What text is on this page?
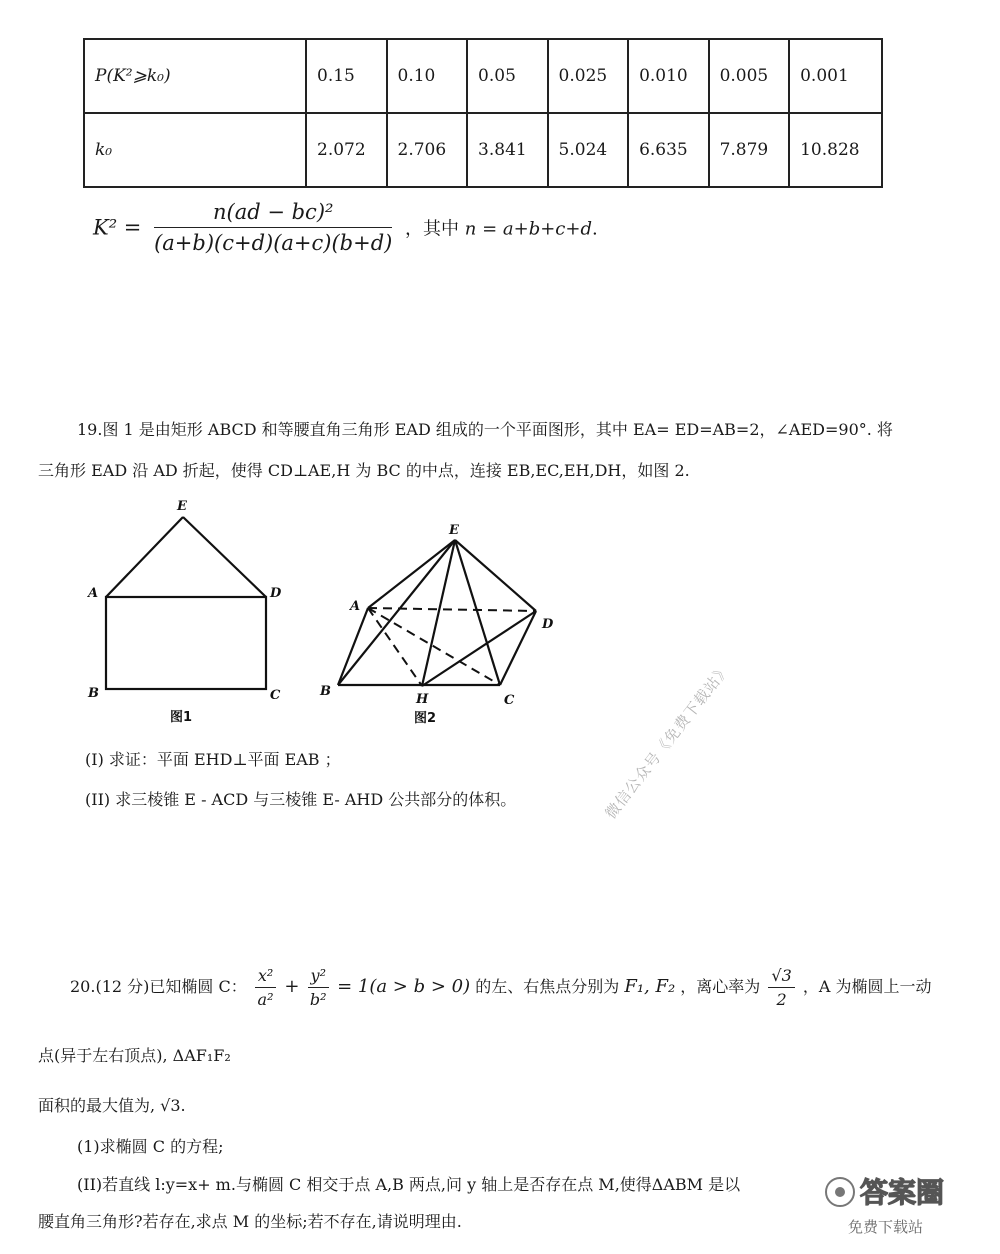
P(K²⩾k₀)	0.15	0.10	0.05	0.025	0.010	0.005	0.001
k₀	2.072	2.706	3.841	5.024	6.635	7.879	10.828
$K^2 = \frac{\text{n(ad − bc)²}}{(a+b)(c+d)(a+c)(b+d)}$ ，其中 n = a+b+c+d.
19.图 1 是由矩形 ABCD 和等腰直角三角形 EAD 组成的一个平面图形，其中 EA= ED=AB=2，∠AED=90°. 将
三角形 EAD 沿 AD 折起，使得 CD⊥AE,H 为 BC 的中点，连接 EB,EC,EH,DH，如图 2.
E
A	D
B	C
图1
E
A
D
B
H	C
图2
(I) 求证：平面 EHD⊥平面 EAB ；
(II) 求三棱锥 E - ACD 与三棱锥 E- AHD 公共部分的体积。	微信公众号《免费下载站》
20.(12 分)已知椭圆 C： $\frac{\text{x²}}{\text{a²}} + \frac{\text{y²}}{\text{b²}} = 1(a > b > 0)$ 的左、右焦点分别为 F₁, F₂ ，离心率为 $\frac{√3}{2}$ ，A 为椭圆上一动
点(异于左右顶点), ΔAF₁F₂
面积的最大值为, √3.
(1)求椭圆 C 的方程;
(II)若直线 l:y=x+ m.与椭圆 C 相交于点 A,B 两点,问 y 轴上是否存在点 M,使得ΔABM 是以
腰直角三角形?若存在,求点 M 的坐标;若不存在,请说明理由.
答案圈
免费下载站
